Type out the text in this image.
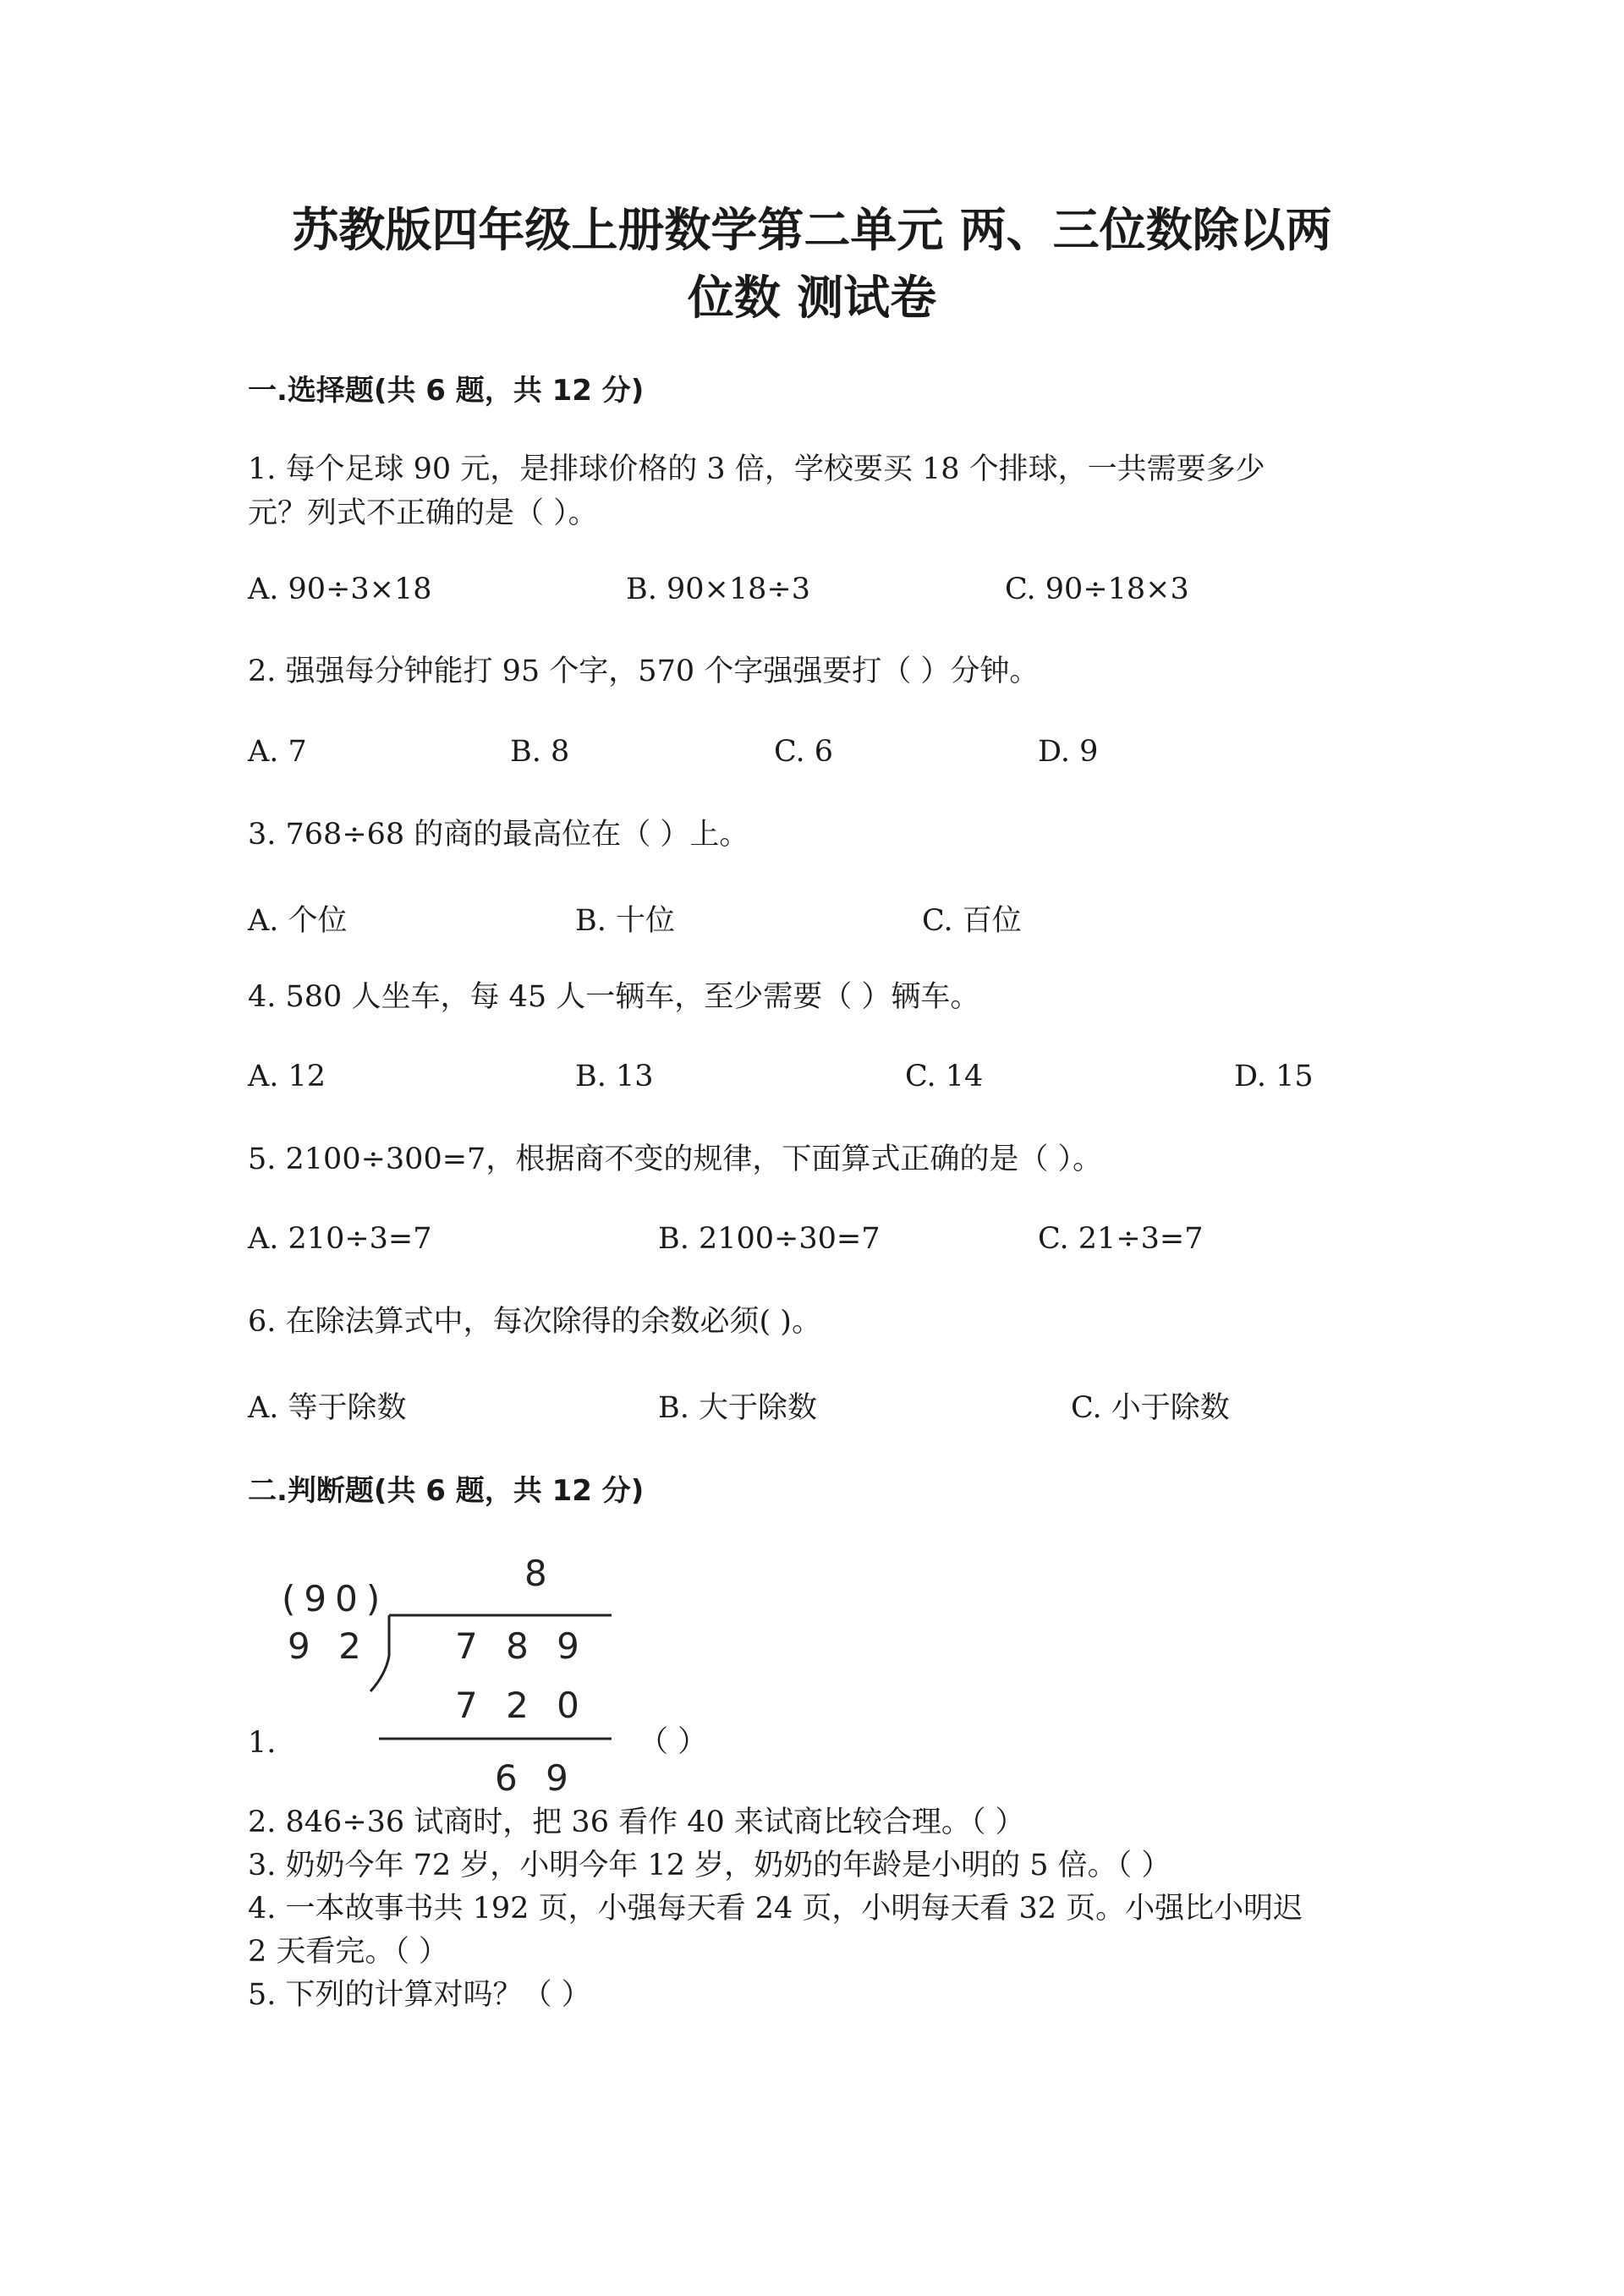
苏教版四年级上册数学第二单元 两、三位数除以两
位数 测试卷
一.选择题(共 6 题，共 12 分)
1. 每个足球 90 元，是排球价格的 3 倍，学校要买 18 个排球，一共需要多少
元？列式不正确的是（ ）。
A. 90÷3×18	B. 90×18÷3	C. 90÷18×3
2. 强强每分钟能打 95 个字，570 个字强强要打（ ）分钟。
A. 7	B. 8	C. 6	D. 9
3. 768÷68 的商的最高位在（ ）上。
A. 个位	B. 十位	C. 百位
4. 580 人坐车，每 45 人一辆车，至少需要（ ）辆车。
A. 12	B. 13	C. 14	D. 15
5. 2100÷300=7，根据商不变的规律，下面算式正确的是（ ）。
A. 210÷3=7	B. 2100÷30=7	C. 21÷3=7
6. 在除法算式中，每次除得的余数必须( )。
A. 等于除数	B. 大于除数	C. 小于除数
二.判断题(共 6 题，共 12 分)
1.
(90)
9 2
8
7 8 9
7 2 0
6 9
（ ）
2. 846÷36 试商时，把 36 看作 40 来试商比较合理。（ ）
3. 奶奶今年 72 岁，小明今年 12 岁，奶奶的年龄是小明的 5 倍。（ ）
4. 一本故事书共 192 页，小强每天看 24 页，小明每天看 32 页。小强比小明迟
2 天看完。（ ）
5. 下列的计算对吗？（ ）
